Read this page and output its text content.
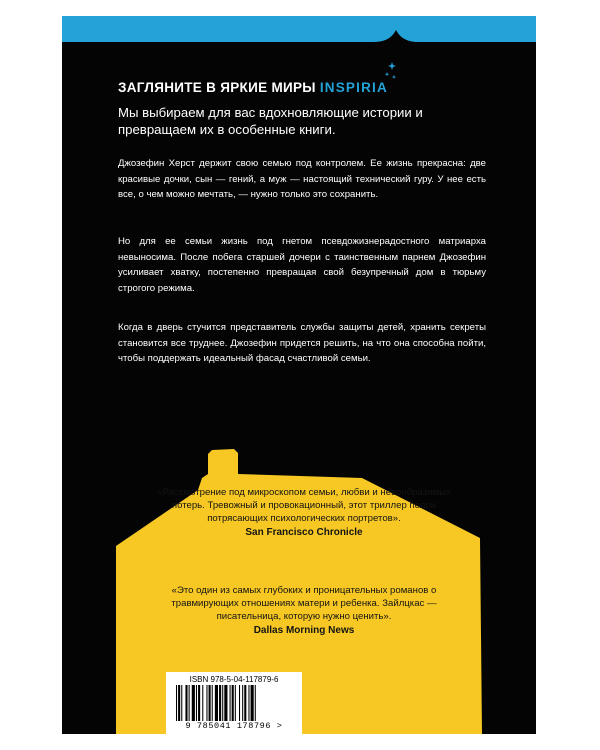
ЗАГЛЯНИТЕ В ЯРКИЕ МИРЫ INSPIRIA
Мы выбираем для вас вдохновляющие истории и превращаем их в особенные книги.

Джозефин Херст держит свою семью под контролем. Ее жизнь прекрасна: две красивые дочки, сын — гений, а муж — настоящий технический гуру. У нее есть все, о чем можно мечтать, — нужно только это сохранить.

Но для ее семьи жизнь под гнетом псевдожизнерадостного матриарха невыносима. После побега старшей дочери с таинственным парнем Джозефин усиливает хватку, постепенно превращая свой безупречный дом в тюрьму строгого режима.

Когда в дверь стучится представитель службы защиты детей, хранить секреты становится все труднее. Джозефин придется решить, на что она способна пойти, чтобы поддержать идеальный фасад счастливой семьи.

«Рассмотрение под микроскопом семьи, любви и невообразимых потерь. Тревожный и провокационный, этот триллер полон потрясающих психологических портретов».
San Francisco Chronicle
«Это один из самых глубоких и проницательных романов о травмирующих отношениях матери и ребенка. Зайлцкас — писательница, которую нужно ценить».
Dallas Morning News
ISBN 978-5-04-117879-6
9 785041 178796 >
